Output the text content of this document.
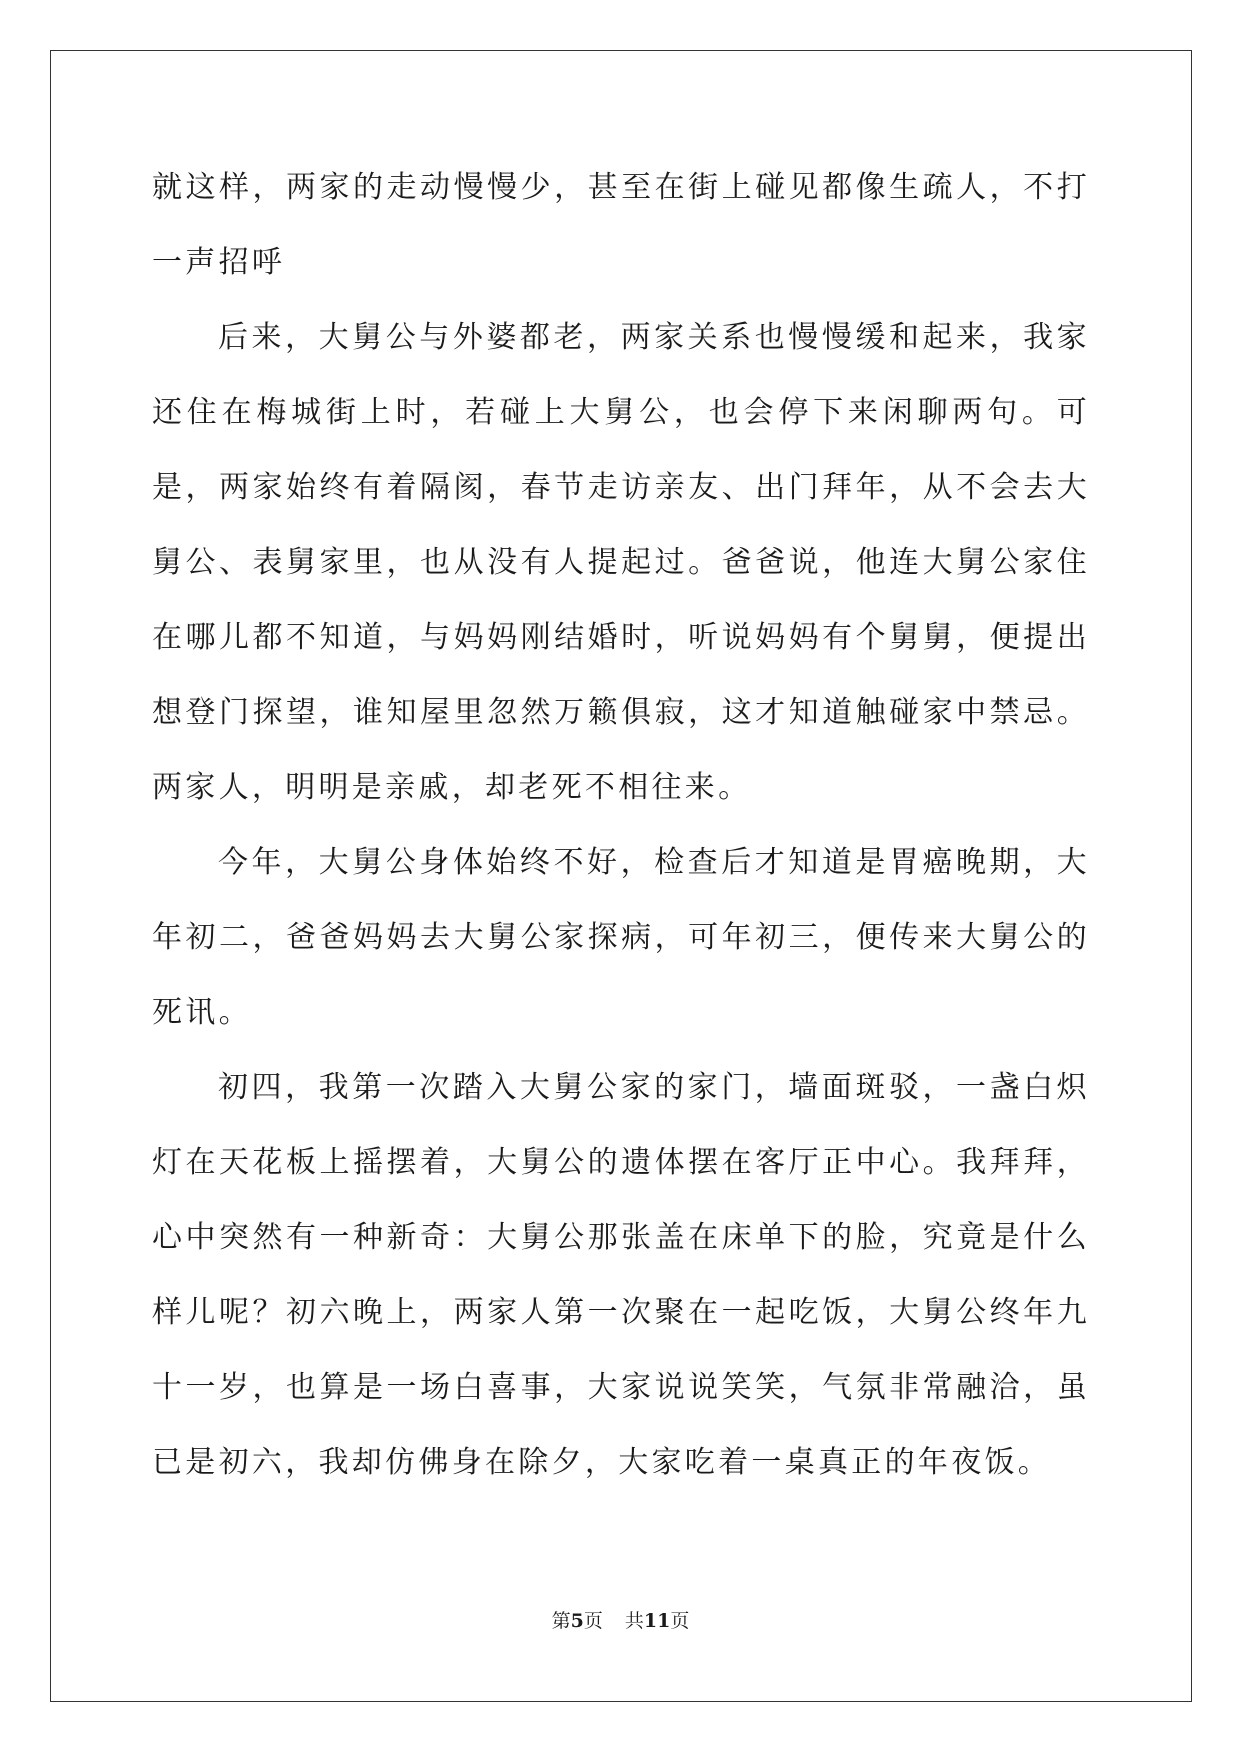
就这样，两家的走动慢慢少，甚至在街上碰见都像生疏人，不打一声招呼

后来，大舅公与外婆都老，两家关系也慢慢缓和起来，我家还住在梅城街上时，若碰上大舅公，也会停下来闲聊两句。可是，两家始终有着隔阂，春节走访亲友、出门拜年，从不会去大舅公、表舅家里，也从没有人提起过。爸爸说，他连大舅公家住在哪儿都不知道，与妈妈刚结婚时，听说妈妈有个舅舅，便提出想登门探望，谁知屋里忽然万籁俱寂，这才知道触碰家中禁忌。两家人，明明是亲戚，却老死不相往来。

今年，大舅公身体始终不好，检查后才知道是胃癌晚期，大年初二，爸爸妈妈去大舅公家探病，可年初三，便传来大舅公的死讯。

初四，我第一次踏入大舅公家的家门，墙面斑驳，一盏白炽灯在天花板上摇摆着，大舅公的遗体摆在客厅正中心。我拜拜，心中突然有一种新奇：大舅公那张盖在床单下的脸，究竟是什么样儿呢？初六晚上，两家人第一次聚在一起吃饭，大舅公终年九十一岁，也算是一场白喜事，大家说说笑笑，气氛非常融洽，虽已是初六，我却仿佛身在除夕，大家吃着一桌真正的年夜饭。

第5页 共11页
